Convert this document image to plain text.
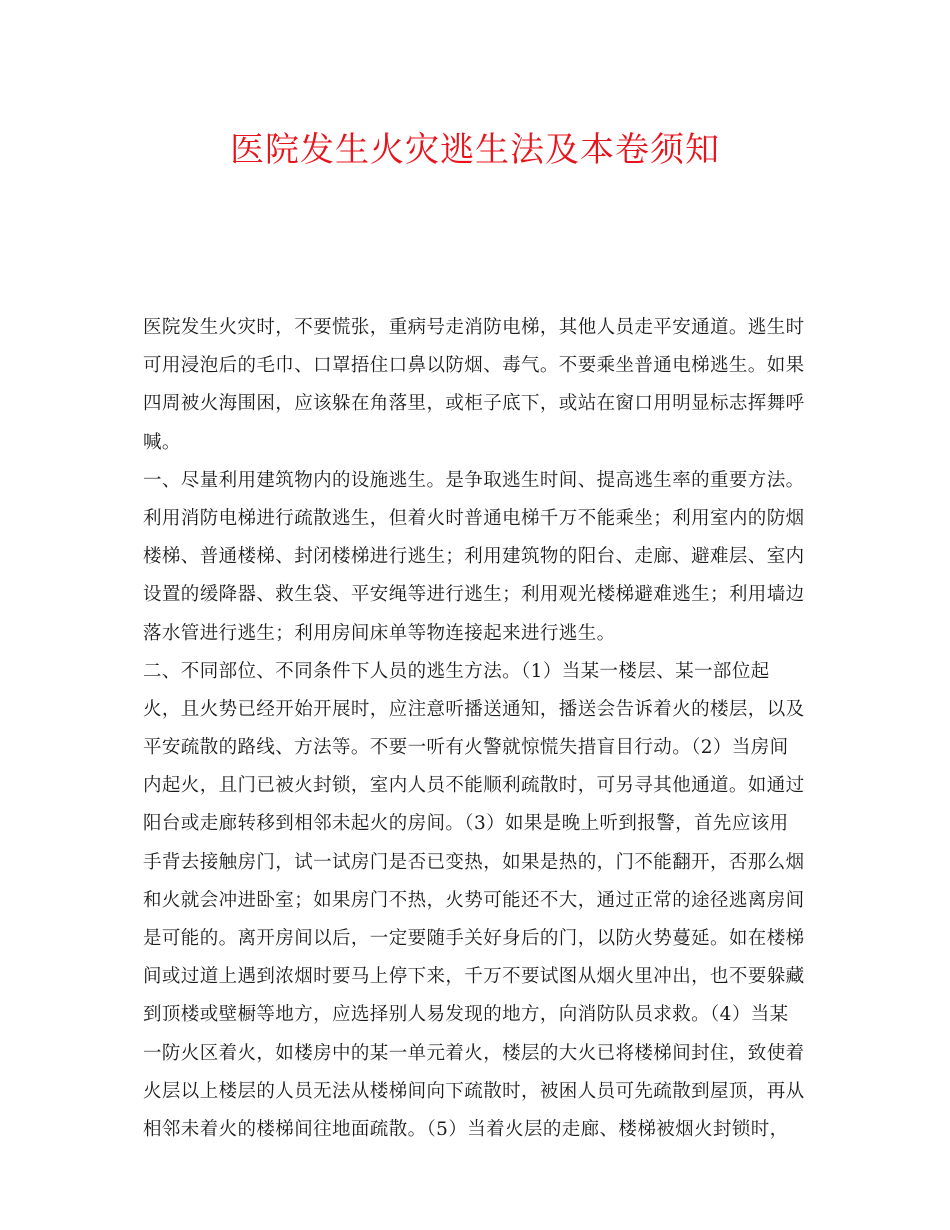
医院发生火灾逃生法及本卷须知
医院发生火灾时，不要慌张，重病号走消防电梯，其他人员走平安通道。逃生时
可用浸泡后的毛巾、口罩捂住口鼻以防烟、毒气。不要乘坐普通电梯逃生。如果
四周被火海围困，应该躲在角落里，或柜子底下，或站在窗口用明显标志挥舞呼
喊。
一、尽量利用建筑物内的设施逃生。是争取逃生时间、提高逃生率的重要方法。
利用消防电梯进行疏散逃生，但着火时普通电梯千万不能乘坐；利用室内的防烟
楼梯、普通楼梯、封闭楼梯进行逃生；利用建筑物的阳台、走廊、避难层、室内
设置的缓降器、救生袋、平安绳等进行逃生；利用观光楼梯避难逃生；利用墙边
落水管进行逃生；利用房间床单等物连接起来进行逃生。
二、不同部位、不同条件下人员的逃生方法。（1）当某一楼层、某一部位起
火，且火势已经开始开展时，应注意听播送通知，播送会告诉着火的楼层，以及
平安疏散的路线、方法等。不要一听有火警就惊慌失措盲目行动。（2）当房间
内起火，且门已被火封锁，室内人员不能顺利疏散时，可另寻其他通道。如通过
阳台或走廊转移到相邻未起火的房间。（3）如果是晚上听到报警，首先应该用
手背去接触房门，试一试房门是否已变热，如果是热的，门不能翻开，否那么烟
和火就会冲进卧室；如果房门不热，火势可能还不大，通过正常的途径逃离房间
是可能的。离开房间以后，一定要随手关好身后的门，以防火势蔓延。如在楼梯
间或过道上遇到浓烟时要马上停下来，千万不要试图从烟火里冲出，也不要躲藏
到顶楼或壁橱等地方，应选择别人易发现的地方，向消防队员求救。（4）当某
一防火区着火，如楼房中的某一单元着火，楼层的大火已将楼梯间封住，致使着
火层以上楼层的人员无法从楼梯间向下疏散时，被困人员可先疏散到屋顶，再从
相邻未着火的楼梯间往地面疏散。（5）当着火层的走廊、楼梯被烟火封锁时，
